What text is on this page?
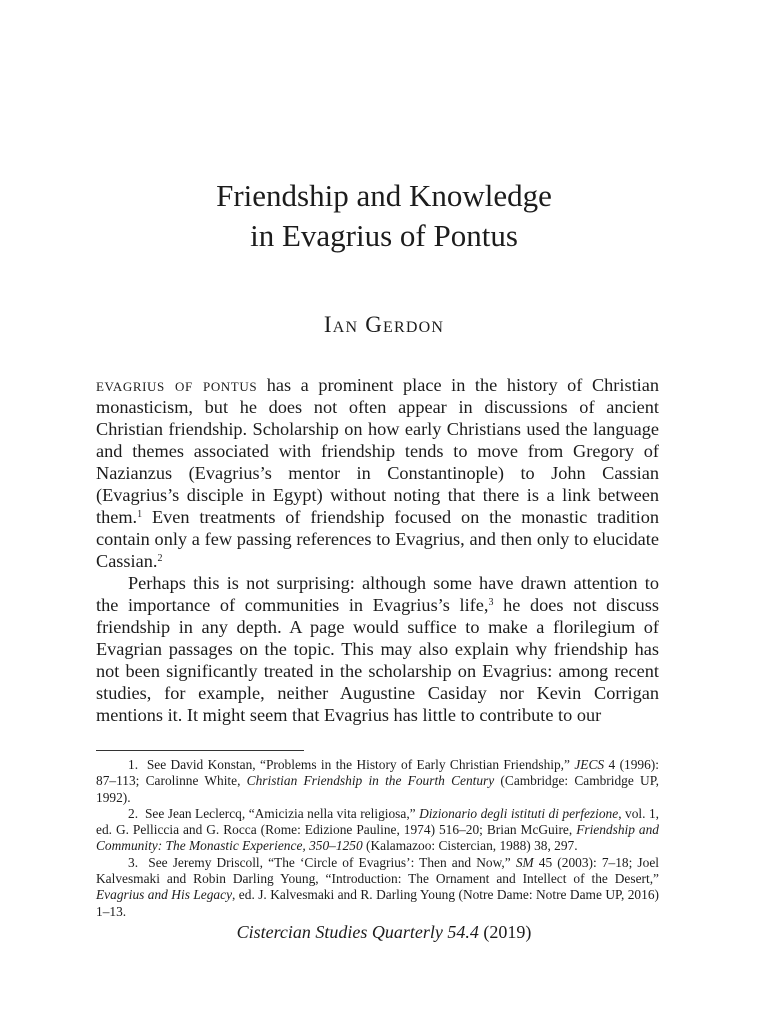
Friendship and Knowledge
in Evagrius of Pontus

Ian Gerdon

evagrius of pontus has a prominent place in the history of Christian monasticism, but he does not often appear in discussions of ancient Christian friendship. Scholarship on how early Christians used the language and themes associated with friendship tends to move from Gregory of Nazianzus (Evagrius’s mentor in Constantinople) to John Cassian (Evagrius’s disciple in Egypt) without noting that there is a link between them.$^1$ Even treatments of friendship focused on the monastic tradition contain only a few passing references to Evagrius, and then only to elucidate Cassian.$^2$

Perhaps this is not surprising: although some have drawn attention to the importance of communities in Evagrius’s life,$^3$ he does not discuss friendship in any depth. A page would suffice to make a florilegium of Evagrian passages on the topic. This may also explain why friendship has not been significantly treated in the scholarship on Evagrius: among recent studies, for example, neither Augustine Casiday nor Kevin Corrigan mentions it. It might seem that Evagrius has little to contribute to our

1. See David Konstan, “Problems in the History of Early Christian Friendship,” JECS 4 (1996): 87–113; Carolinne White, Christian Friendship in the Fourth Century (Cambridge: Cambridge UP, 1992).

2. See Jean Leclercq, “Amicizia nella vita religiosa,” Dizionario degli istituti di perfezione, vol. 1, ed. G. Pelliccia and G. Rocca (Rome: Edizione Pauline, 1974) 516–20; Brian McGuire, Friendship and Community: The Monastic Experience, 350–1250 (Kalamazoo: Cistercian, 1988) 38, 297.

3. See Jeremy Driscoll, “The ‘Circle of Evagrius’: Then and Now,” SM 45 (2003): 7–18; Joel Kalvesmaki and Robin Darling Young, “Introduction: The Ornament and Intellect of the Desert,” Evagrius and His Legacy, ed. J. Kalvesmaki and R. Darling Young (Notre Dame: Notre Dame UP, 2016) 1–13.

Cistercian Studies Quarterly 54.4 (2019)
